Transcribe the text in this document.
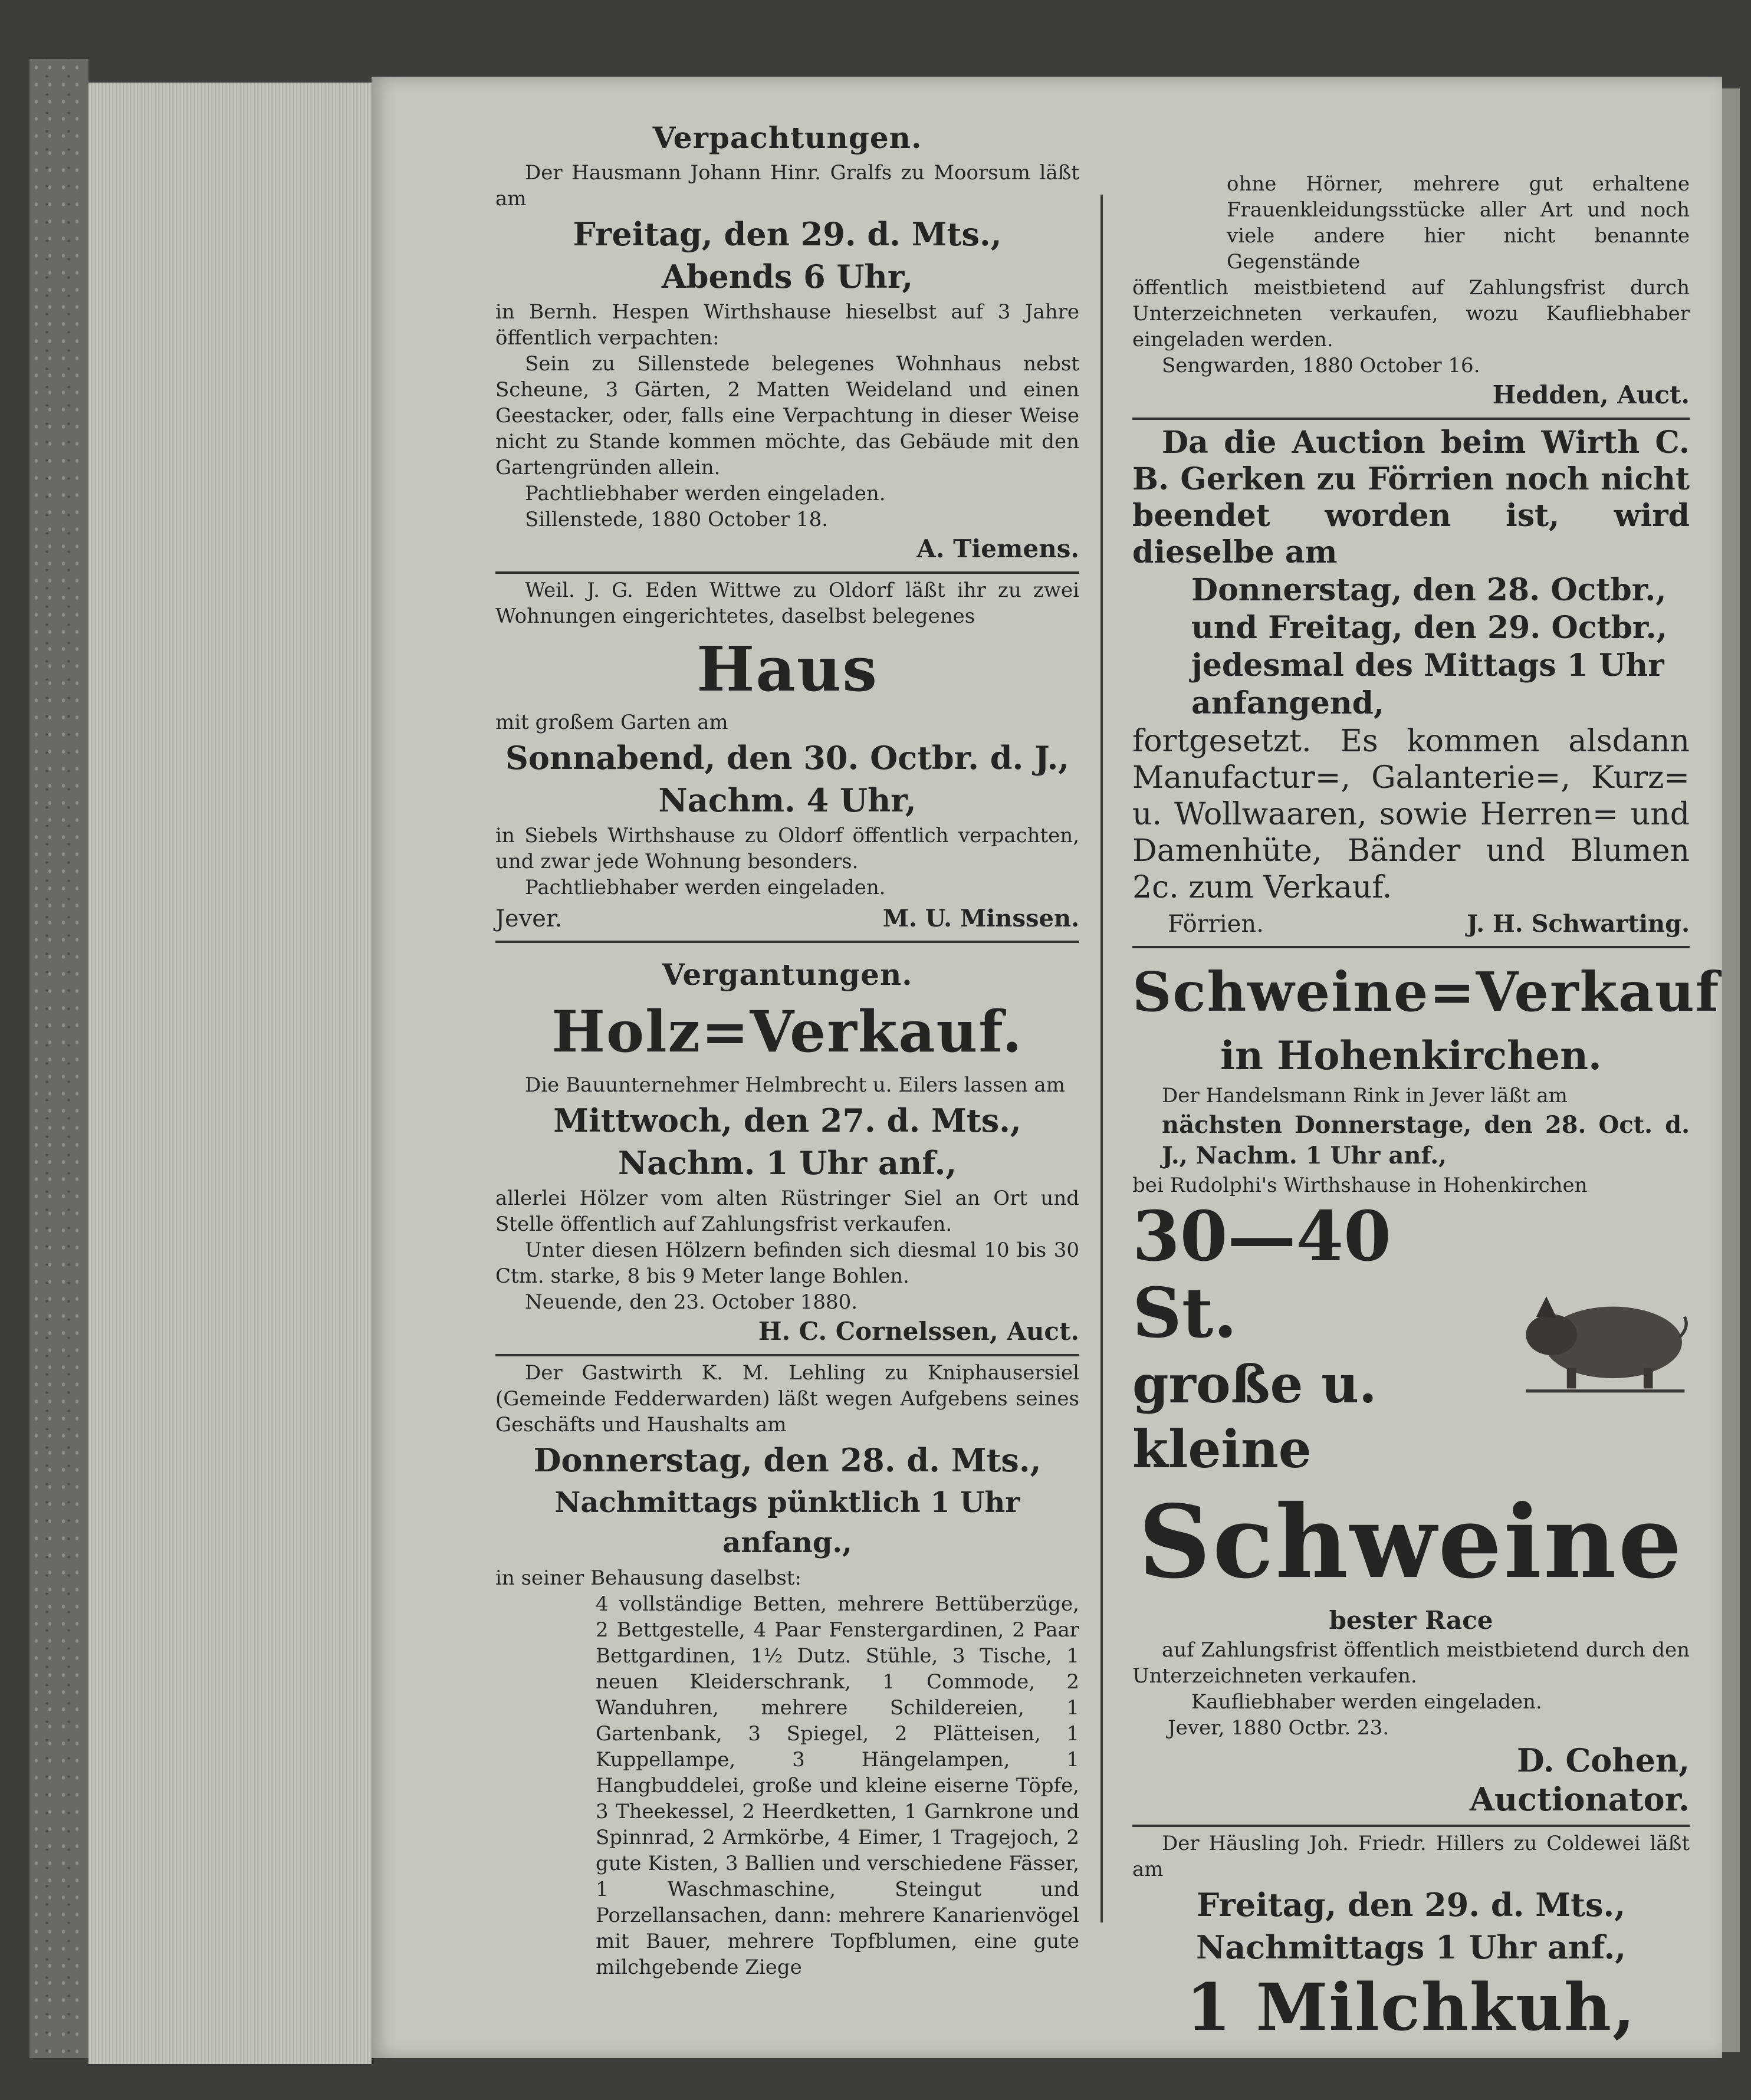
Verpachtungen.

Der Hausmann Johann Hinr. Gralfs zu Moorsum läßt am

Freitag, den 29. d. Mts.,
Abends 6 Uhr,

in Bernh. Hespen Wirthshause hieselbst auf 3 Jahre öffentlich verpachten:

Sein zu Sillenstede belegenes Wohnhaus nebst Scheune, 3 Gärten, 2 Matten Weideland und einen Geestacker, oder, falls eine Verpachtung in dieser Weise nicht zu Stande kommen möchte, das Gebäude mit den Gartengründen allein.

Pachtliebhaber werden eingeladen.

Sillenstede, 1880 October 18.

A. Tiemens.

Weil. J. G. Eden Wittwe zu Oldorf läßt ihr zu zwei Wohnungen eingerichtetes, daselbst belegenes

Haus

mit großem Garten am

Sonnabend, den 30. Octbr. d. J.,
Nachm. 4 Uhr,

in Siebels Wirthshause zu Oldorf öffentlich verpachten, und zwar jede Wohnung besonders.

Pachtliebhaber werden eingeladen.

Jever.	M. U. Minssen.
Vergantungen.
Holz=Verkauf.

Die Bauunternehmer Helmbrecht u. Eilers lassen am

Mittwoch, den 27. d. Mts.,
Nachm. 1 Uhr anf.,

allerlei Hölzer vom alten Rüstringer Siel an Ort und Stelle öffentlich auf Zahlungsfrist verkaufen.

Unter diesen Hölzern befinden sich diesmal 10 bis 30 Ctm. starke, 8 bis 9 Meter lange Bohlen.

Neuende, den 23. October 1880.

H. C. Cornelssen, Auct.

Der Gastwirth K. M. Lehling zu Kniphausersiel (Gemeinde Fedderwarden) läßt wegen Aufgebens seines Geschäfts und Haushalts am

Donnerstag, den 28. d. Mts.,
Nachmittags pünktlich 1 Uhr anfang.,

in seiner Behausung daselbst:

4 vollständige Betten, mehrere Bettüberzüge, 2 Bettgestelle, 4 Paar Fenstergardinen, 2 Paar Bettgardinen, 1½ Dutz. Stühle, 3 Tische, 1 neuen Kleiderschrank, 1 Commode, 2 Wanduhren, mehrere Schildereien, 1 Gartenbank, 3 Spiegel, 2 Plätteisen, 1 Kuppellampe, 3 Hängelampen, 1 Hangbuddelei, große und kleine eiserne Töpfe, 3 Theekessel, 2 Heerdketten, 1 Garnkrone und Spinnrad, 2 Armkörbe, 4 Eimer, 1 Tragejoch, 2 gute Kisten, 3 Ballien und verschiedene Fässer, 1 Waschmaschine, Steingut und Porzellansachen, dann: mehrere Kanarienvögel mit Bauer, mehrere Topfblumen, eine gute milchgebende Ziege

ohne Hörner, mehrere gut erhaltene Frauenkleidungsstücke aller Art und noch viele andere hier nicht benannte Gegenstände

öffentlich meistbietend auf Zahlungsfrist durch Unterzeichneten verkaufen, wozu Kaufliebhaber eingeladen werden.

Sengwarden, 1880 October 16.

Hedden, Auct.

Da die Auction beim Wirth C. B. Gerken zu Förrien noch nicht beendet worden ist, wird dieselbe am

Donnerstag, den 28. Octbr.,
und Freitag, den 29. Octbr.,
jedesmal des Mittags 1 Uhr
anfangend,

fortgesetzt. Es kommen alsdann Manufactur=, Galanterie=, Kurz= u. Wollwaaren, sowie Herren= und Damenhüte, Bänder und Blumen 2c. zum Verkauf.

Förrien.	J. H. Schwarting.
Schweine=Verkauf
in Hohenkirchen.

Der Handelsmann Rink in Jever läßt am

nächsten Donnerstage, den 28. Oct. d. J., Nachm. 1 Uhr anf.,

bei Rudolphi's Wirthshause in Hohenkirchen

30—40 St.
große u. kleine
Schweine
bester Race

auf Zahlungsfrist öffentlich meistbietend durch den Unterzeichneten verkaufen.

Kaufliebhaber werden eingeladen.

Jever, 1880 Octbr. 23.

D. Cohen,
Auctionator.

Der Häusling Joh. Friedr. Hillers zu Coldewei läßt am

Freitag, den 29. d. Mts.,
Nachmittags 1 Uhr anf.,
1 Milchkuh,
